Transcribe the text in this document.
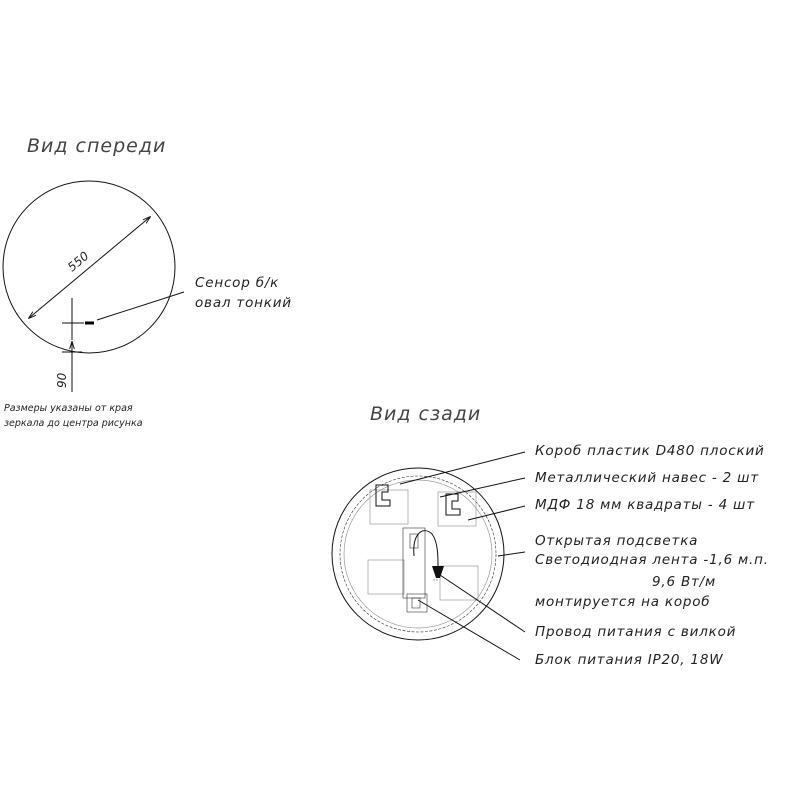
Вид спереди
550
Сенсор б/к
овал тонкий
90
Размеры указаны от края
зеркала до центра рисунка	Вид сзади
Короб пластик D480 плоский
Металлический навес - 2 шт
МДФ 18 мм квадраты - 4 шт
Открытая подсветка
Светодиодная лента -1,6 м.п.
9,6 Вт/м
монтируется на короб
Провод питания с вилкой
Блок питания IP20, 18W
